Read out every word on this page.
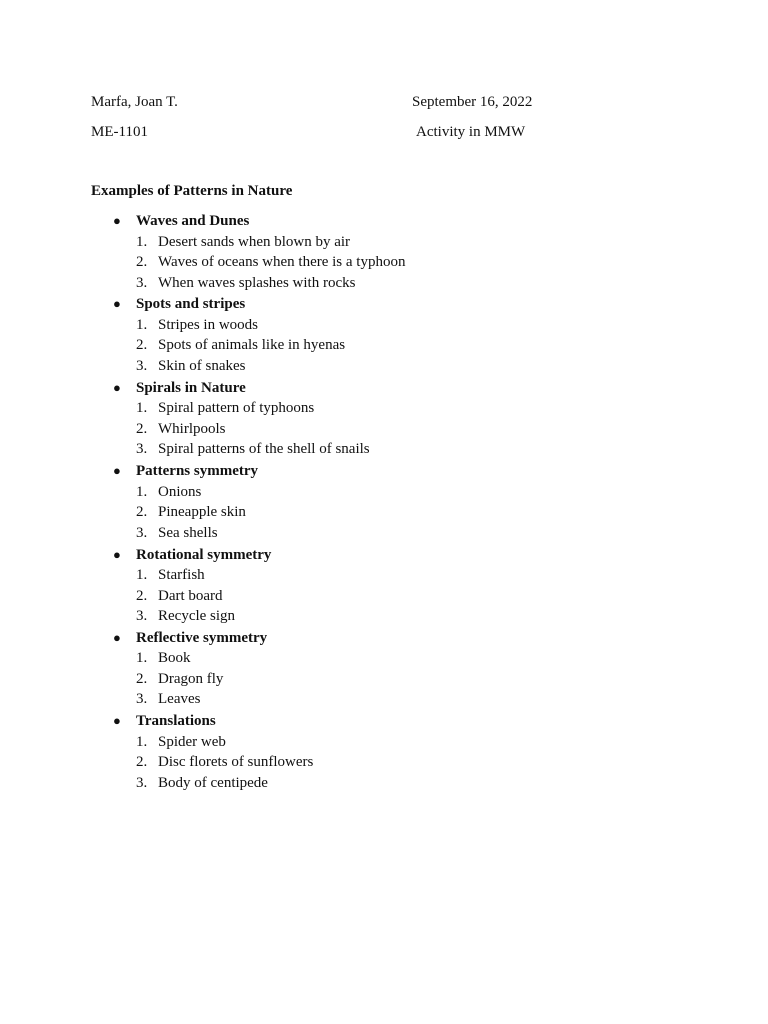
Marfa, Joan T.	September 16, 2022
ME-1101	Activity in MMW
Examples of Patterns in Nature
● Waves and Dunes
1. Desert sands when blown by air
2. Waves of oceans when there is a typhoon
3. When waves splashes with rocks
● Spots and stripes
1. Stripes in woods
2. Spots of animals like in hyenas
3. Skin of snakes
● Spirals in Nature
1. Spiral pattern of typhoons
2. Whirlpools
3. Spiral patterns of the shell of snails
● Patterns symmetry
1. Onions
2. Pineapple skin
3. Sea shells
● Rotational symmetry
1. Starfish
2. Dart board
3. Recycle sign
● Reflective symmetry
1. Book
2. Dragon fly
3. Leaves
● Translations
1. Spider web
2. Disc florets of sunflowers
3. Body of centipede
